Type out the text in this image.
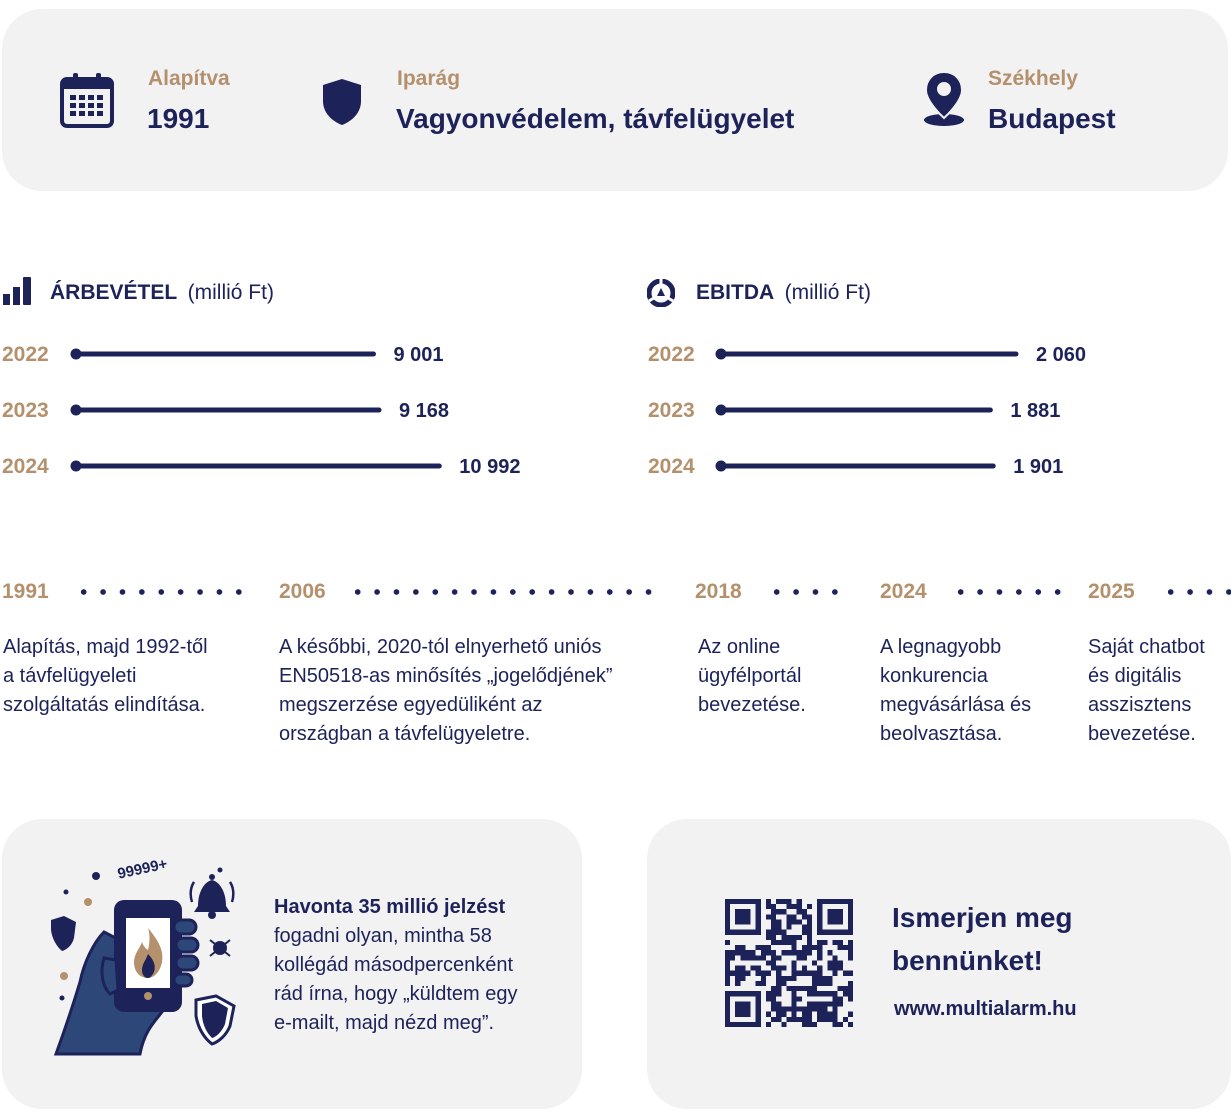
Alapítva
1991
Iparág
Vagyonvédelem, távfelügyelet
Székhely
Budapest
ÁRBEVÉTEL (millió Ft)
2022	9 001
2023	9 168
2024	10 992
EBITDA (millió Ft)
2022	2 060
2023	1 881
2024	1 901
1991
Alapítás, majd 1992-től
a távfelügyeleti
szolgáltatás elindítása.
2006
A későbbi, 2020-tól elnyerhető uniós
EN50518-as minősítés „jogelődjének”
megszerzése egyedüliként az
országban a távfelügyeletre.
2018
Az online
ügyfélportál
bevezetése.
2024
A legnagyobb
konkurencia
megvásárlása és
beolvasztása.
2025
Saját chatbot
és digitális
asszisztens
bevezetése.
99999+
Havonta 35 millió jelzést
fogadni olyan, mintha 58
kollégád másodpercenként
rád írna, hogy „küldtem egy
e-mailt, majd nézd meg”.
Ismerjen meg
bennünket!
www.multialarm.hu
